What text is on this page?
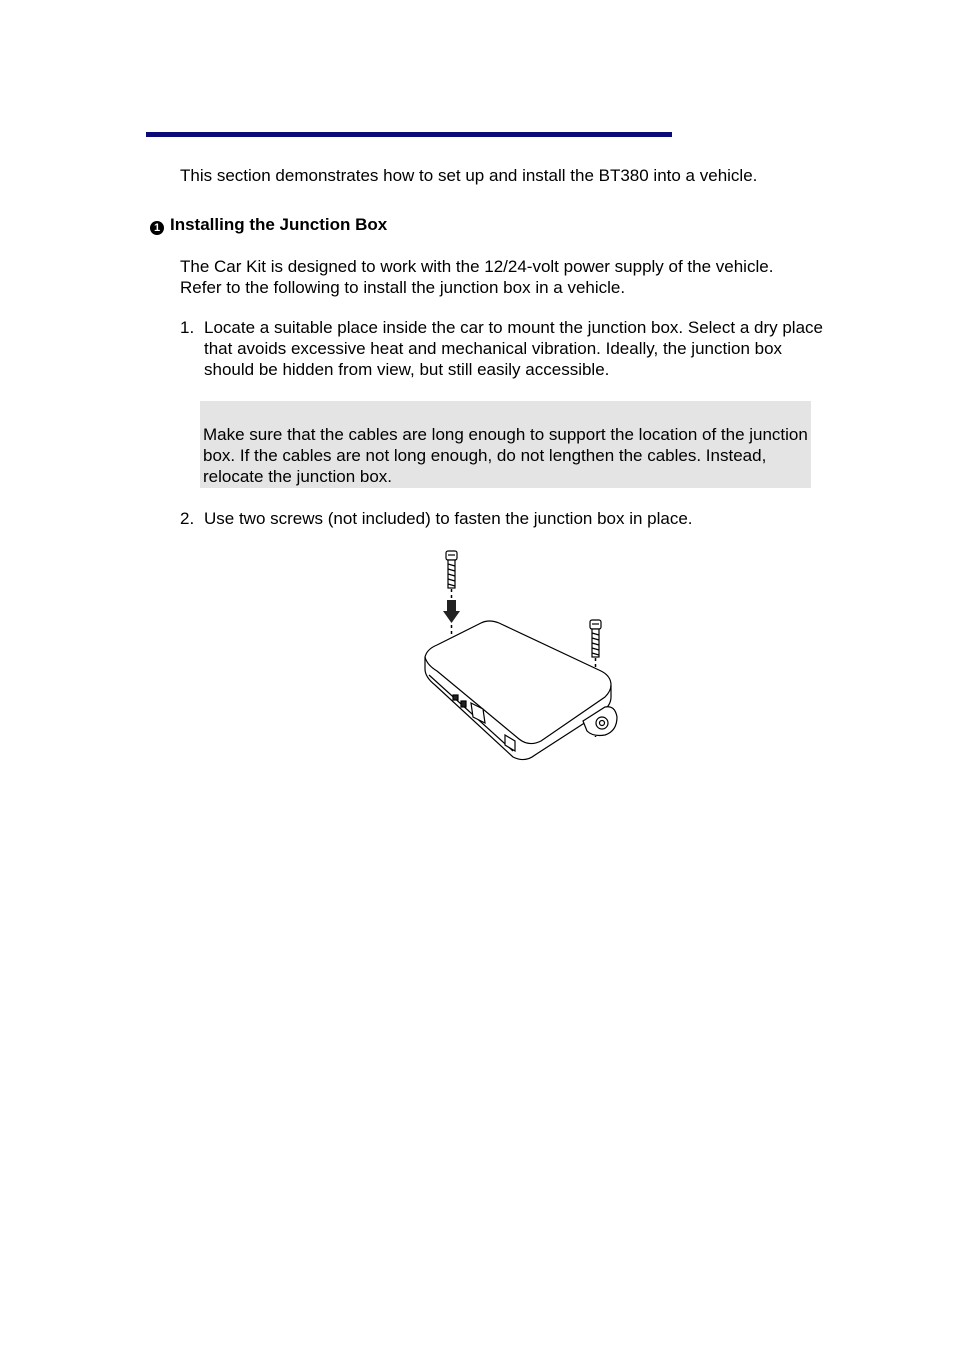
This section demonstrates how to set up and install the BT380 into a vehicle.
1 Installing the Junction Box
The Car Kit is designed to work with the 12/24-volt power supply of the vehicle. Refer to the following to install the junction box in a vehicle.
1. Locate a suitable place inside the car to mount the junction box. Select a dry place that avoids excessive heat and mechanical vibration. Ideally, the junction box should be hidden from view, but still easily accessible.
Make sure that the cables are long enough to support the location of the junction box. If the cables are not long enough, do not lengthen the cables. Instead, relocate the junction box.
2. Use two screws (not included) to fasten the junction box in place.
